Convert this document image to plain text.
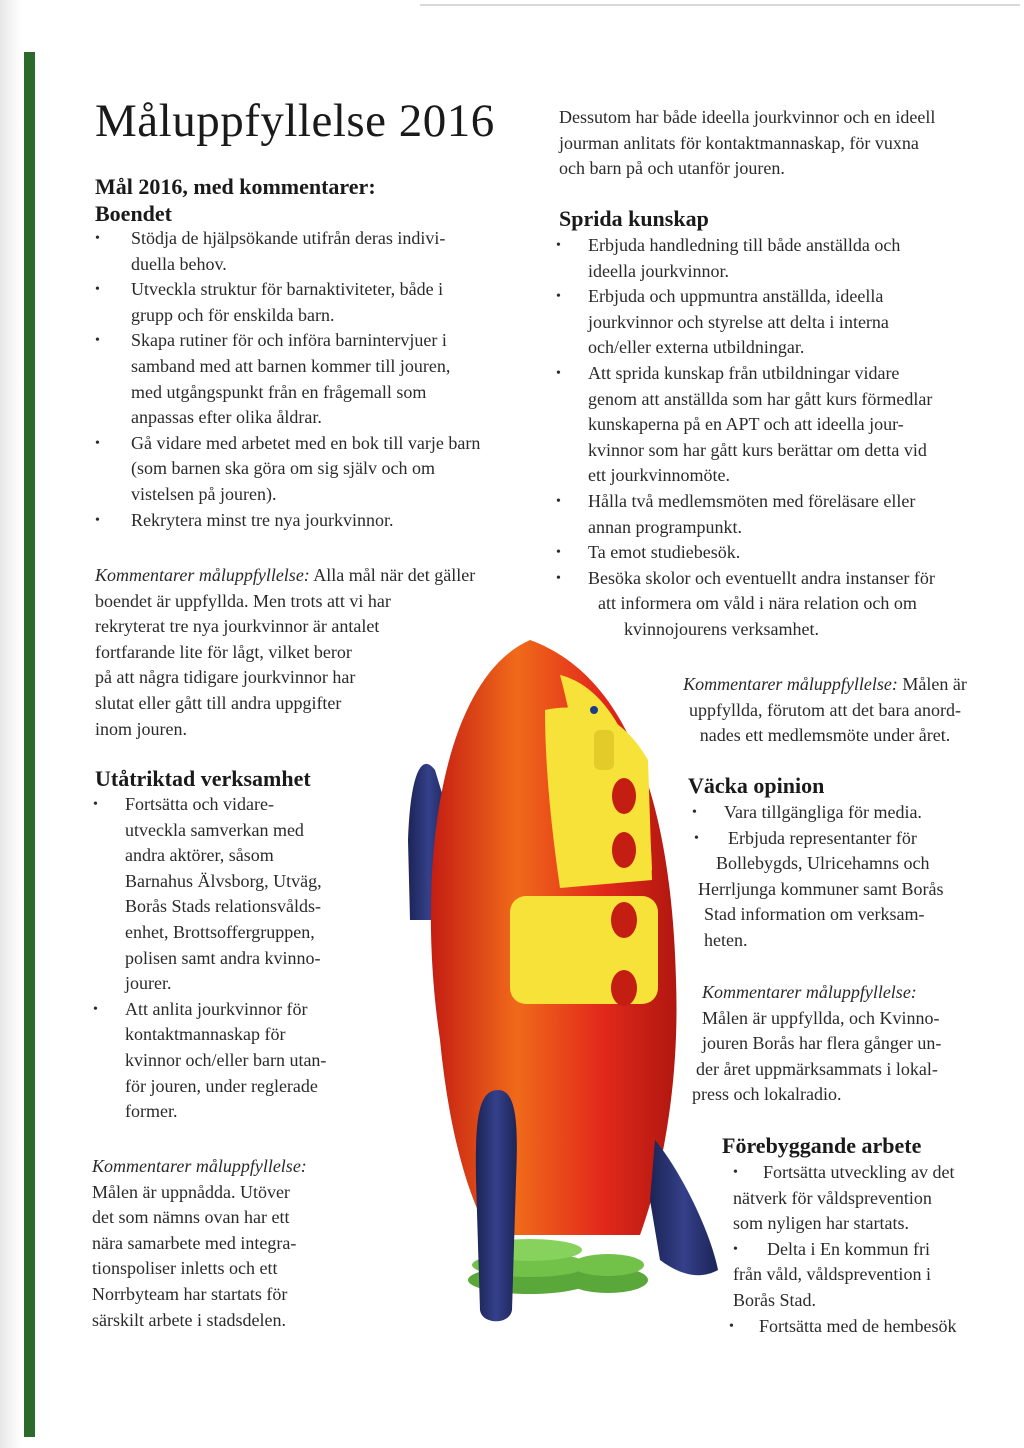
Måluppfyllelse 2016
Mål 2016, med kommentarer:
Boendet
• Stödja de hjälpsökande utifrån deras indivi-
duella behov.
• Utveckla struktur för barnaktiviteter, både i
grupp och för enskilda barn.
• Skapa rutiner för och införa barnintervjuer i
samband med att barnen kommer till jouren,
med utgångspunkt från en frågemall som
anpassas efter olika åldrar.
• Gå vidare med arbetet med en bok till varje barn
(som barnen ska göra om sig själv och om
vistelsen på jouren).
• Rekrytera minst tre nya jourkvinnor.

Kommentarer måluppfyllelse: Alla mål när det gäller
boendet är uppfyllda. Men trots att vi har
rekryterat tre nya jourkvinnor är antalet
fortfarande lite för lågt, vilket beror
på att några tidigare jourkvinnor har
slutat eller gått till andra uppgifter
inom jouren.

Utåtriktad verksamhet
• Fortsätta och vidare-
utveckla samverkan med
andra aktörer, såsom
Barnahus Älvsborg, Utväg,
Borås Stads relationsvålds-
enhet, Brottsoffergruppen,
polisen samt andra kvinno-
jourer.
• Att anlita jourkvinnor för
kontaktmannaskap för
kvinnor och/eller barn utan-
för jouren, under reglerade
former.

Kommentarer måluppfyllelse:
Målen är uppnådda. Utöver
det som nämns ovan har ett
nära samarbete med integra-
tionspoliser inletts och ett
Norrbyteam har startats för
särskilt arbete i stadsdelen.

Dessutom har både ideella jourkvinnor och en ideell
jourman anlitats för kontaktmannaskap, för vuxna
och barn på och utanför jouren.

Sprida kunskap
• Erbjuda handledning till både anställda och
ideella jourkvinnor.
• Erbjuda och uppmuntra anställda, ideella
jourkvinnor och styrelse att delta i interna
och/eller externa utbildningar.
• Att sprida kunskap från utbildningar vidare
genom att anställda som har gått kurs förmedlar
kunskaperna på en APT och att ideella jour-
kvinnor som har gått kurs berättar om detta vid
ett jourkvinnomöte.
• Hålla två medlemsmöten med föreläsare eller
annan programpunkt.
• Ta emot studiebesök.
• Besöka skolor och eventuellt andra instanser för
att informera om våld i nära relation och om
kvinnojourens verksamhet.

Kommentarer måluppfyllelse: Målen är
uppfyllda, förutom att det bara anord-
nades ett medlemsmöte under året.

Väcka opinion
• Vara tillgängliga för media.
• Erbjuda representanter för
Bollebygds, Ulricehamns och
Herrljunga kommuner samt Borås
Stad information om verksam-
heten.

Kommentarer måluppfyllelse:
Målen är uppfyllda, och Kvinno-
jouren Borås har flera gånger un-
der året uppmärksammats i lokal-
press och lokalradio.

Förebyggande arbete
• Fortsätta utveckling av det
nätverk för våldsprevention
som nyligen har startats.
• Delta i En kommun fri
från våld, våldsprevention i
Borås Stad.
• Fortsätta med de hembesök
